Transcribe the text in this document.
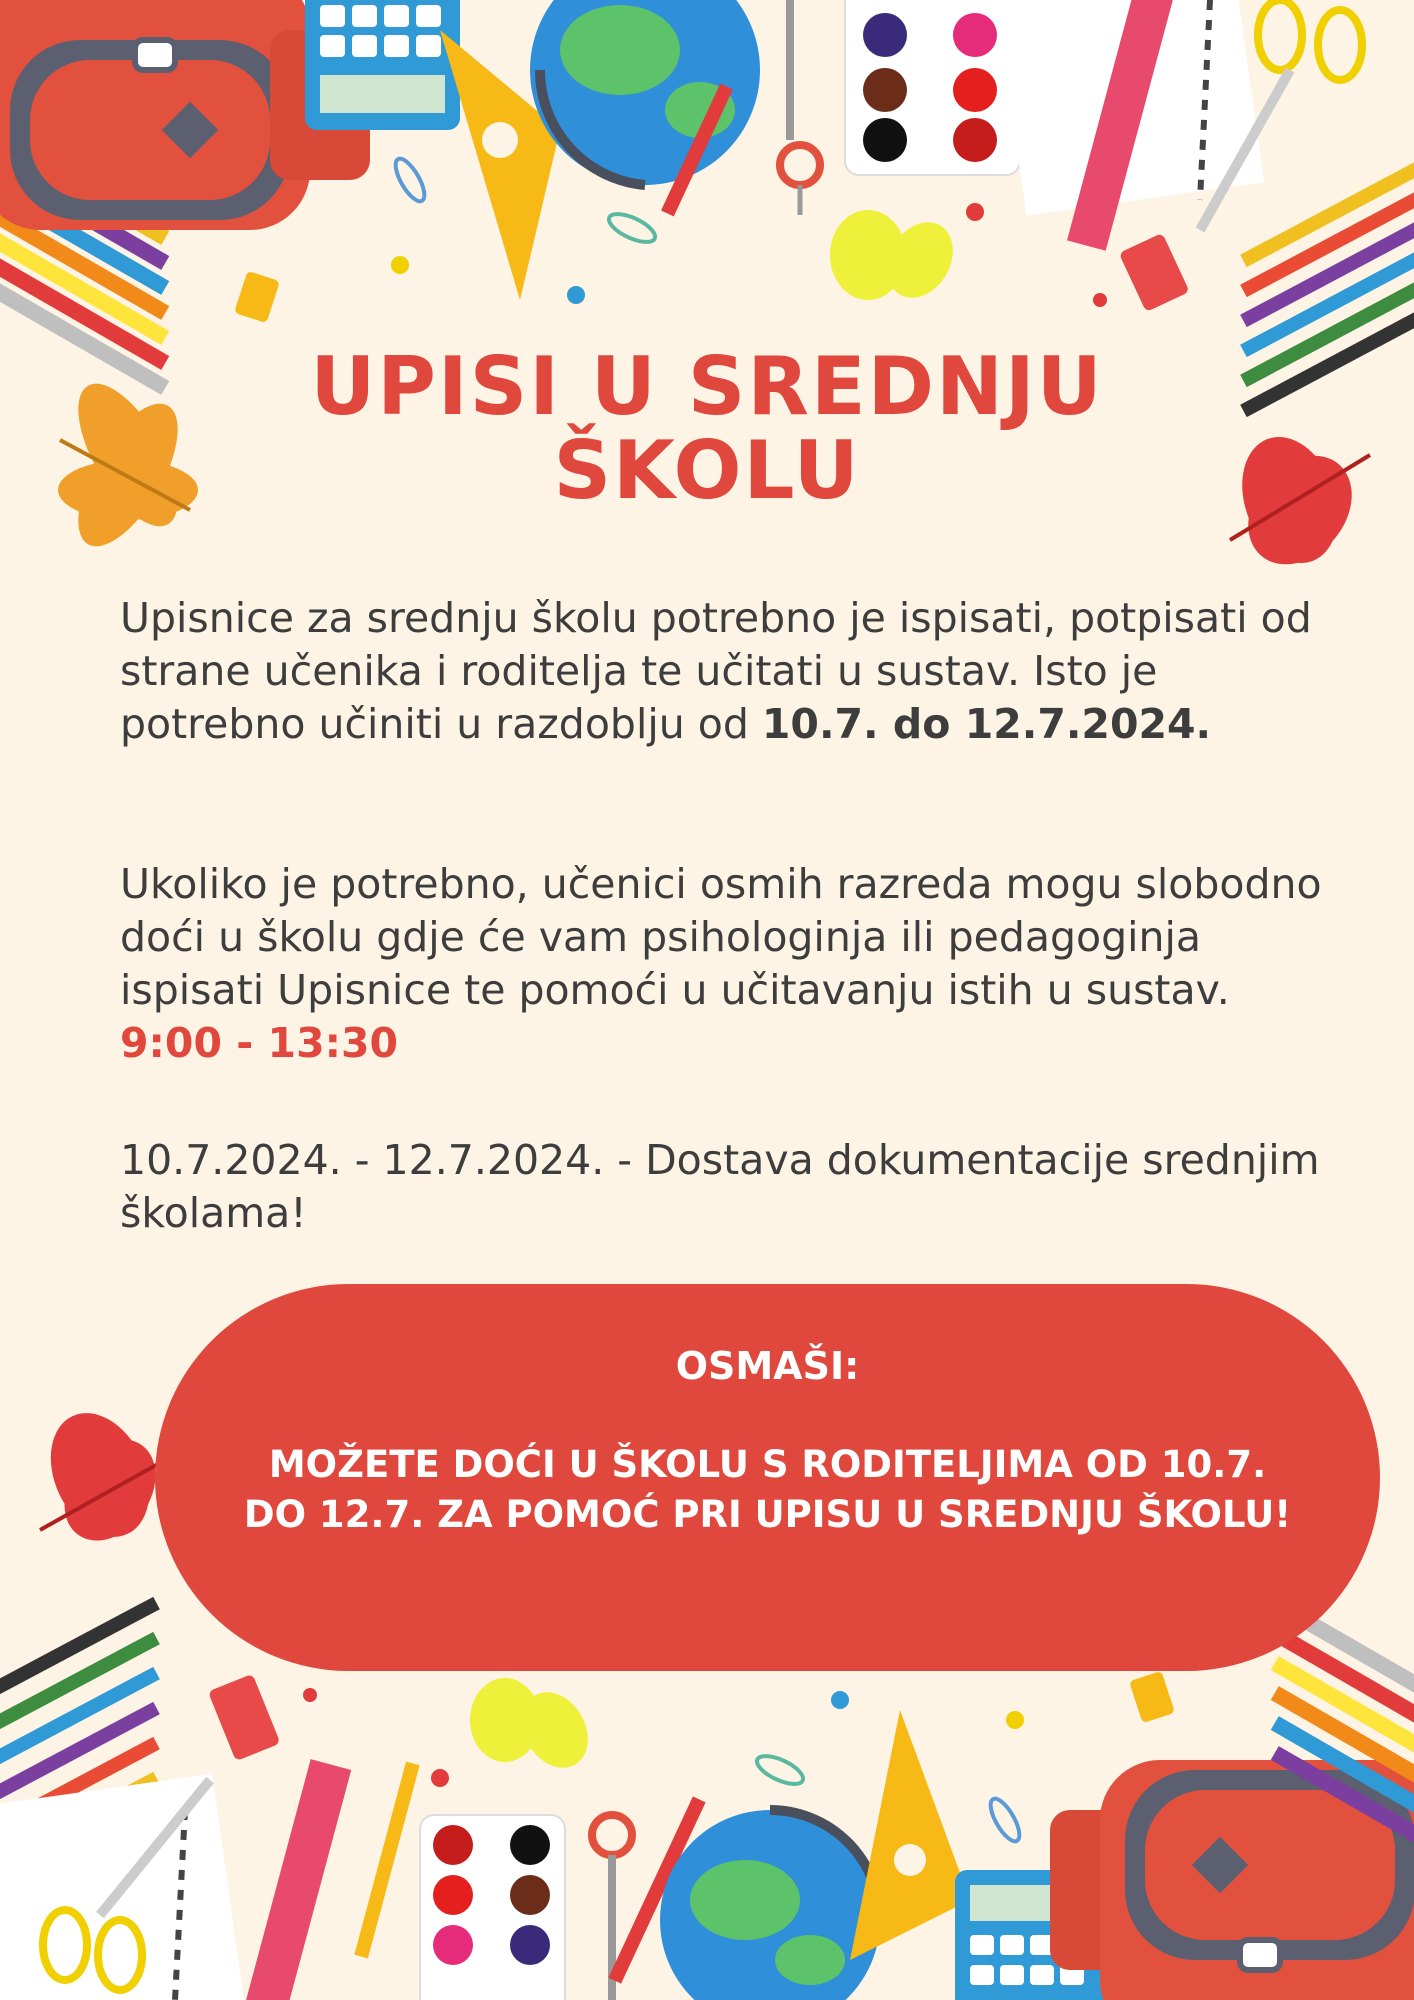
UPISI U SREDNJU
ŠKOLU

Upisnice za srednju školu potrebno je ispisati, potpisati od strane učenika i roditelja te učitati u sustav. Isto je potrebno učiniti u razdoblju od 10.7. do 12.7.2024.

Ukoliko je potrebno, učenici osmih razreda mogu slobodno doći u školu gdje će vam psihologinja ili pedagoginja ispisati Upisnice te pomoći u učitavanju istih u sustav. 9:00 - 13:30

10.7.2024. - 12.7.2024. - Dostava dokumentacije srednjim školama!

OSMAŠI:
MOŽETE DOĆI U ŠKOLU S RODITELJIMA OD 10.7. DO 12.7. ZA POMOĆ PRI UPISU U SREDNJU ŠKOLU!
